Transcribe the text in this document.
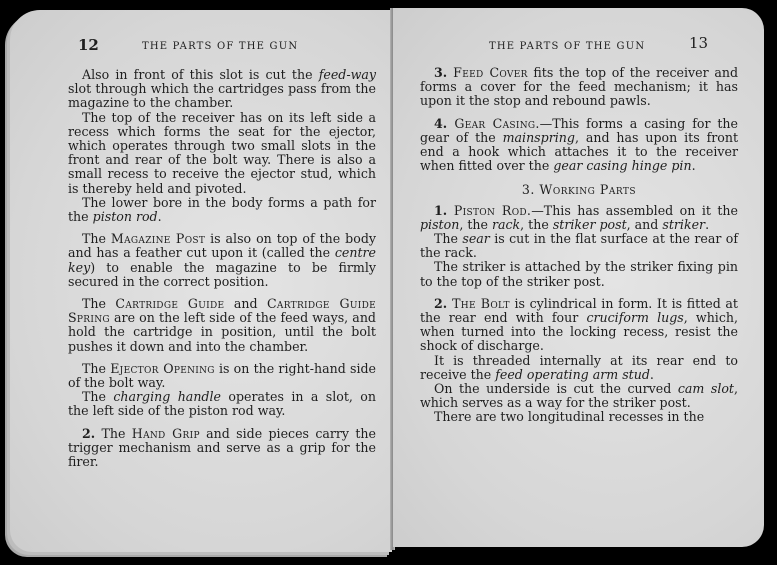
12	THE PARTS OF THE GUN

Also in front of this slot is cut the feed-way slot through which the cartridges pass from the magazine to the chamber.

The top of the receiver has on its left side a recess which forms the seat for the ejector, which operates through two small slots in the front and rear of the bolt way. There is also a small recess to receive the ejector stud, which is thereby held and pivoted.

The lower bore in the body forms a path for the piston rod.

The Magazine Post is also on top of the body and has a feather cut upon it (called the centre key) to enable the magazine to be firmly secured in the correct position.

The Cartridge Guide and Cartridge Guide Spring are on the left side of the feed ways, and hold the cartridge in position, until the bolt pushes it down and into the chamber.

The Ejector Opening is on the right-hand side of the bolt way.

The charging handle operates in a slot, on the left side of the piston rod way.

2. The Hand Grip and side pieces carry the trigger mechanism and serve as a grip for the firer.

THE PARTS OF THE GUN	13

3. Feed Cover fits the top of the receiver and forms a cover for the feed mechanism; it has upon it the stop and rebound pawls.

4. Gear Casing.—This forms a casing for the gear of the mainspring, and has upon its front end a hook which attaches it to the receiver when fitted over the gear casing hinge pin.

3. Working Parts

1. Piston Rod.—This has assembled on it the piston, the rack, the striker post, and striker.

The sear is cut in the flat surface at the rear of the rack.

The striker is attached by the striker fixing pin to the top of the striker post.

2. The Bolt is cylindrical in form. It is fitted at the rear end with four cruciform lugs, which, when turned into the locking recess, resist the shock of discharge.

It is threaded internally at its rear end to receive the feed operating arm stud.

On the underside is cut the curved cam slot, which serves as a way for the striker post.

There are two longitudinal recesses in the
